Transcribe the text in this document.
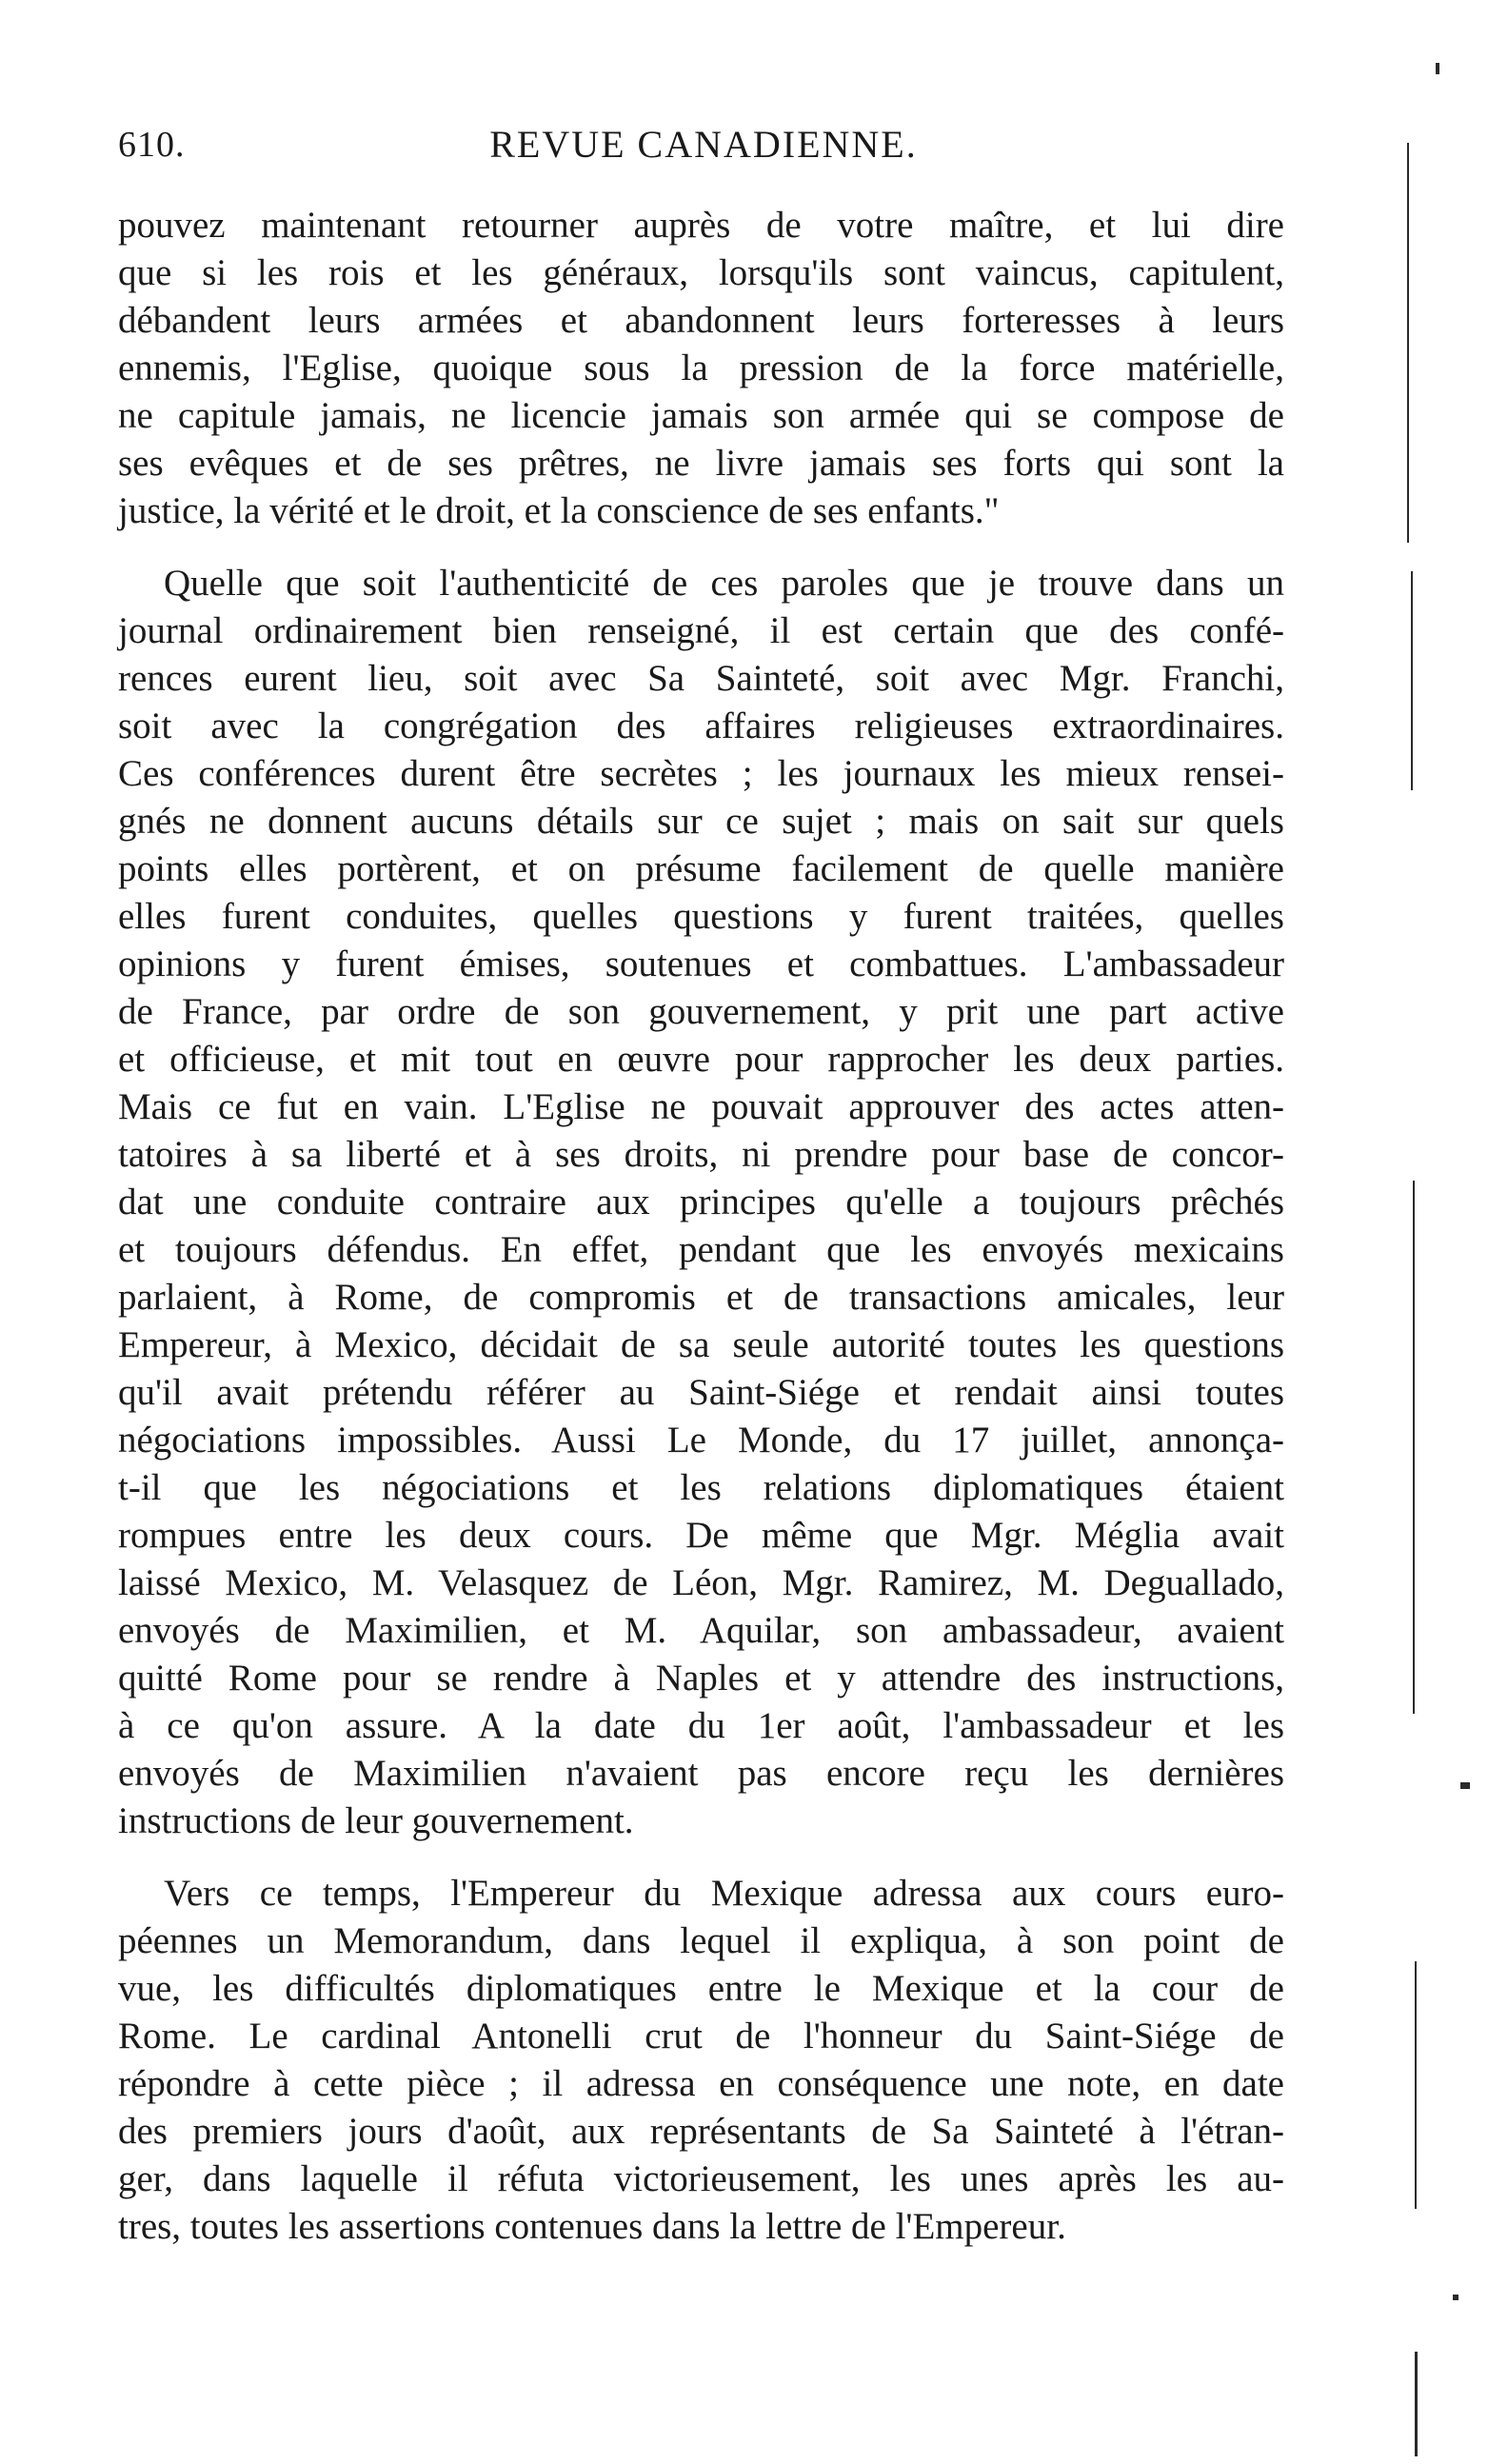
610.	REVUE CANADIENNE.
pouvez maintenant retourner auprès de votre maître, et lui dire
que si les rois et les généraux, lorsqu'ils sont vaincus, capitulent,
débandent leurs armées et abandonnent leurs forteresses à leurs
ennemis, l'Eglise, quoique sous la pression de la force matérielle,
ne capitule jamais, ne licencie jamais son armée qui se compose de
ses evêques et de ses prêtres, ne livre jamais ses forts qui sont la
justice, la vérité et le droit, et la conscience de ses enfants."
Quelle que soit l'authenticité de ces paroles que je trouve dans un
journal ordinairement bien renseigné, il est certain que des confé-
rences eurent lieu, soit avec Sa Sainteté, soit avec Mgr. Franchi,
soit avec la congrégation des affaires religieuses extraordinaires.
Ces conférences durent être secrètes ; les journaux les mieux rensei-
gnés ne donnent aucuns détails sur ce sujet ; mais on sait sur quels
points elles portèrent, et on présume facilement de quelle manière
elles furent conduites, quelles questions y furent traitées, quelles
opinions y furent émises, soutenues et combattues. L'ambassadeur
de France, par ordre de son gouvernement, y prit une part active
et officieuse, et mit tout en œuvre pour rapprocher les deux parties.
Mais ce fut en vain. L'Eglise ne pouvait approuver des actes atten-
tatoires à sa liberté et à ses droits, ni prendre pour base de concor-
dat une conduite contraire aux principes qu'elle a toujours prêchés
et toujours défendus. En effet, pendant que les envoyés mexicains
parlaient, à Rome, de compromis et de transactions amicales, leur
Empereur, à Mexico, décidait de sa seule autorité toutes les questions
qu'il avait prétendu référer au Saint-Siége et rendait ainsi toutes
négociations impossibles. Aussi Le Monde, du 17 juillet, annonça-
t-il que les négociations et les relations diplomatiques étaient
rompues entre les deux cours. De même que Mgr. Méglia avait
laissé Mexico, M. Velasquez de Léon, Mgr. Ramirez, M. Deguallado,
envoyés de Maximilien, et M. Aquilar, son ambassadeur, avaient
quitté Rome pour se rendre à Naples et y attendre des instructions,
à ce qu'on assure. A la date du 1er août, l'ambassadeur et les
envoyés de Maximilien n'avaient pas encore reçu les dernières
instructions de leur gouvernement.
Vers ce temps, l'Empereur du Mexique adressa aux cours euro-
péennes un Memorandum, dans lequel il expliqua, à son point de
vue, les difficultés diplomatiques entre le Mexique et la cour de
Rome. Le cardinal Antonelli crut de l'honneur du Saint-Siége de
répondre à cette pièce ; il adressa en conséquence une note, en date
des premiers jours d'août, aux représentants de Sa Sainteté à l'étran-
ger, dans laquelle il réfuta victorieusement, les unes après les au-
tres, toutes les assertions contenues dans la lettre de l'Empereur.
